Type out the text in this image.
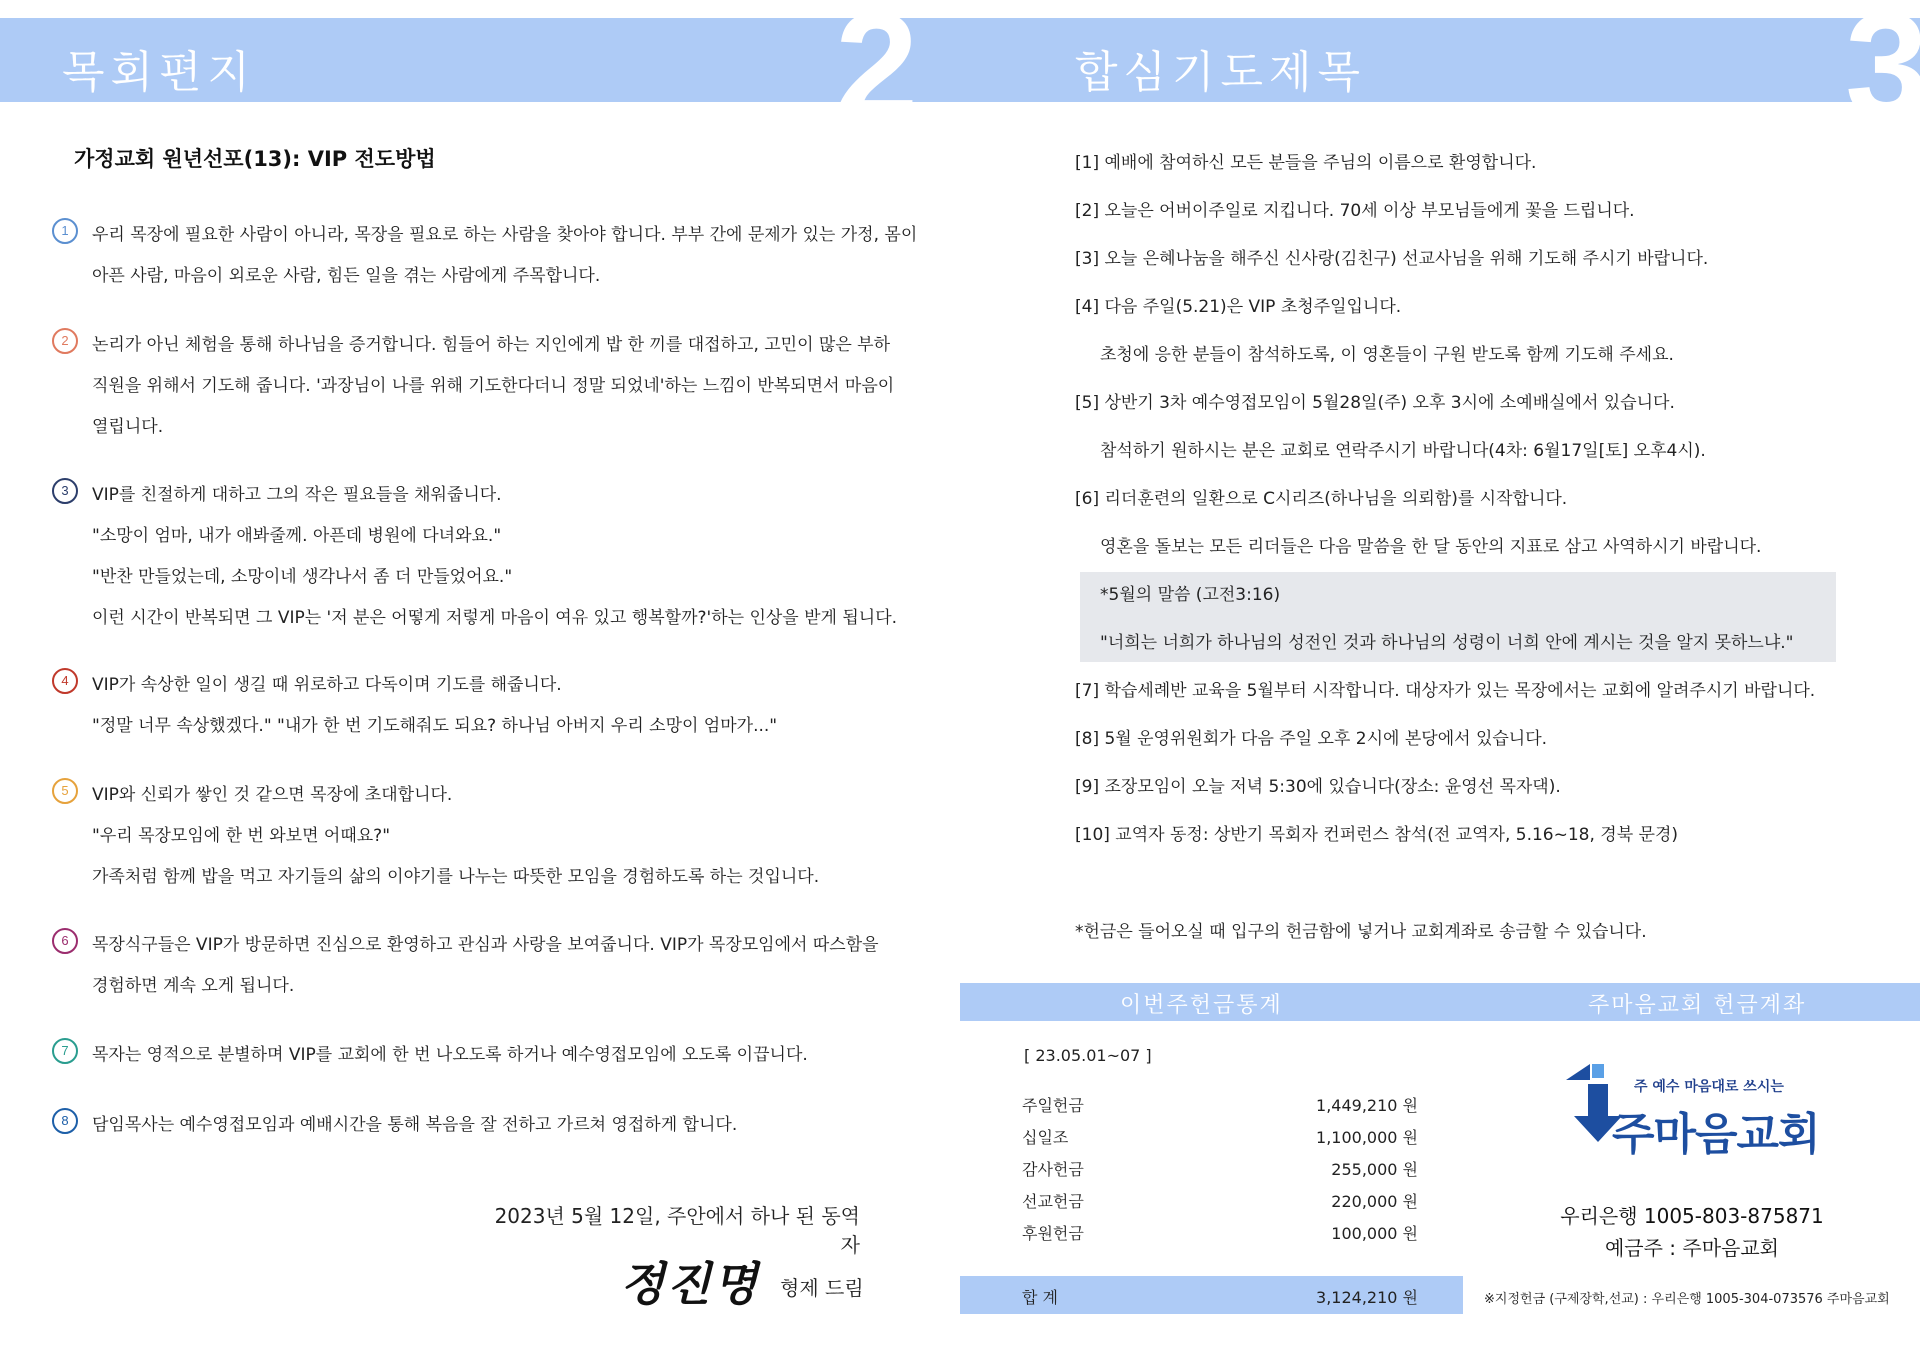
목회편지	2
가정교회 원년선포(13): VIP 전도방법
1	우리 목장에 필요한 사람이 아니라, 목장을 필요로 하는 사람을 찾아야 합니다. 부부 간에 문제가 있는 가정, 몸이
아픈 사람, 마음이 외로운 사람, 힘든 일을 겪는 사람에게 주목합니다.
2	논리가 아닌 체험을 통해 하나님을 증거합니다. 힘들어 하는 지인에게 밥 한 끼를 대접하고, 고민이 많은 부하
직원을 위해서 기도해 줍니다. '과장님이 나를 위해 기도한다더니 정말 되었네'하는 느낌이 반복되면서 마음이
열립니다.
3	VIP를 친절하게 대하고 그의 작은 필요들을 채워줍니다.
"소망이 엄마, 내가 애봐줄께. 아픈데 병원에 다녀와요."
"반찬 만들었는데, 소망이네 생각나서 좀 더 만들었어요."
이런 시간이 반복되면 그 VIP는 '저 분은 어떻게 저렇게 마음이 여유 있고 행복할까?'하는 인상을 받게 됩니다.
4	VIP가 속상한 일이 생길 때 위로하고 다독이며 기도를 해줍니다.
"정말 너무 속상했겠다." "내가 한 번 기도해줘도 되요? 하나님 아버지 우리 소망이 엄마가..."
5	VIP와 신뢰가 쌓인 것 같으면 목장에 초대합니다.
"우리 목장모임에 한 번 와보면 어때요?"
가족처럼 함께 밥을 먹고 자기들의 삶의 이야기를 나누는 따뜻한 모임을 경험하도록 하는 것입니다.
6	목장식구들은 VIP가 방문하면 진심으로 환영하고 관심과 사랑을 보여줍니다. VIP가 목장모임에서 따스함을
경험하면 계속 오게 됩니다.
7	목자는 영적으로 분별하며 VIP를 교회에 한 번 나오도록 하거나 예수영접모임에 오도록 이끕니다.
8	담임목사는 예수영접모임과 예배시간을 통해 복음을 잘 전하고 가르쳐 영접하게 합니다.
2023년 5월 12일, 주안에서 하나 된 동역자
정진명 형제 드림
합심기도제목	3
[1] 예배에 참여하신 모든 분들을 주님의 이름으로 환영합니다.
[2] 오늘은 어버이주일로 지킵니다. 70세 이상 부모님들에게 꽃을 드립니다.
[3] 오늘 은혜나눔을 해주신 신사랑(김친구) 선교사님을 위해 기도해 주시기 바랍니다.
[4] 다음 주일(5.21)은 VIP 초청주일입니다.
초청에 응한 분들이 참석하도록, 이 영혼들이 구원 받도록 함께 기도해 주세요.
[5] 상반기 3차 예수영접모임이 5월28일(주) 오후 3시에 소예배실에서 있습니다.
참석하기 원하시는 분은 교회로 연락주시기 바랍니다(4차: 6월17일[토] 오후4시).
[6] 리더훈련의 일환으로 C시리즈(하나님을 의뢰함)를 시작합니다.
영혼을 돌보는 모든 리더들은 다음 말씀을 한 달 동안의 지표로 삼고 사역하시기 바랍니다.
*5월의 말씀 (고전3:16)
"너희는 너희가 하나님의 성전인 것과 하나님의 성령이 너희 안에 계시는 것을 알지 못하느냐."
[7] 학습세례반 교육을 5월부터 시작합니다. 대상자가 있는 목장에서는 교회에 알려주시기 바랍니다.
[8] 5월 운영위원회가 다음 주일 오후 2시에 본당에서 있습니다.
[9] 조장모임이 오늘 저녁 5:30에 있습니다(장소: 윤영선 목자댁).
[10] 교역자 동정: 상반기 목회자 컨퍼런스 참석(전 교역자, 5.16~18, 경북 문경)
*헌금은 들어오실 때 입구의 헌금함에 넣거나 교회계좌로 송금할 수 있습니다.
이번주헌금통계	주마음교회 헌금계좌
[ 23.05.01~07 ]
주일헌금	1,449,210 원
십일조	1,100,000 원
감사헌금	255,000 원
선교헌금	220,000 원
후원헌금	100,000 원
합 계	3,124,210 원
주 예수 마음대로 쓰시는
주마음교회
우리은행 1005-803-875871
예금주 : 주마음교회
※지정헌금 (구제장학,선교) : 우리은행 1005-304-073576 주마음교회
